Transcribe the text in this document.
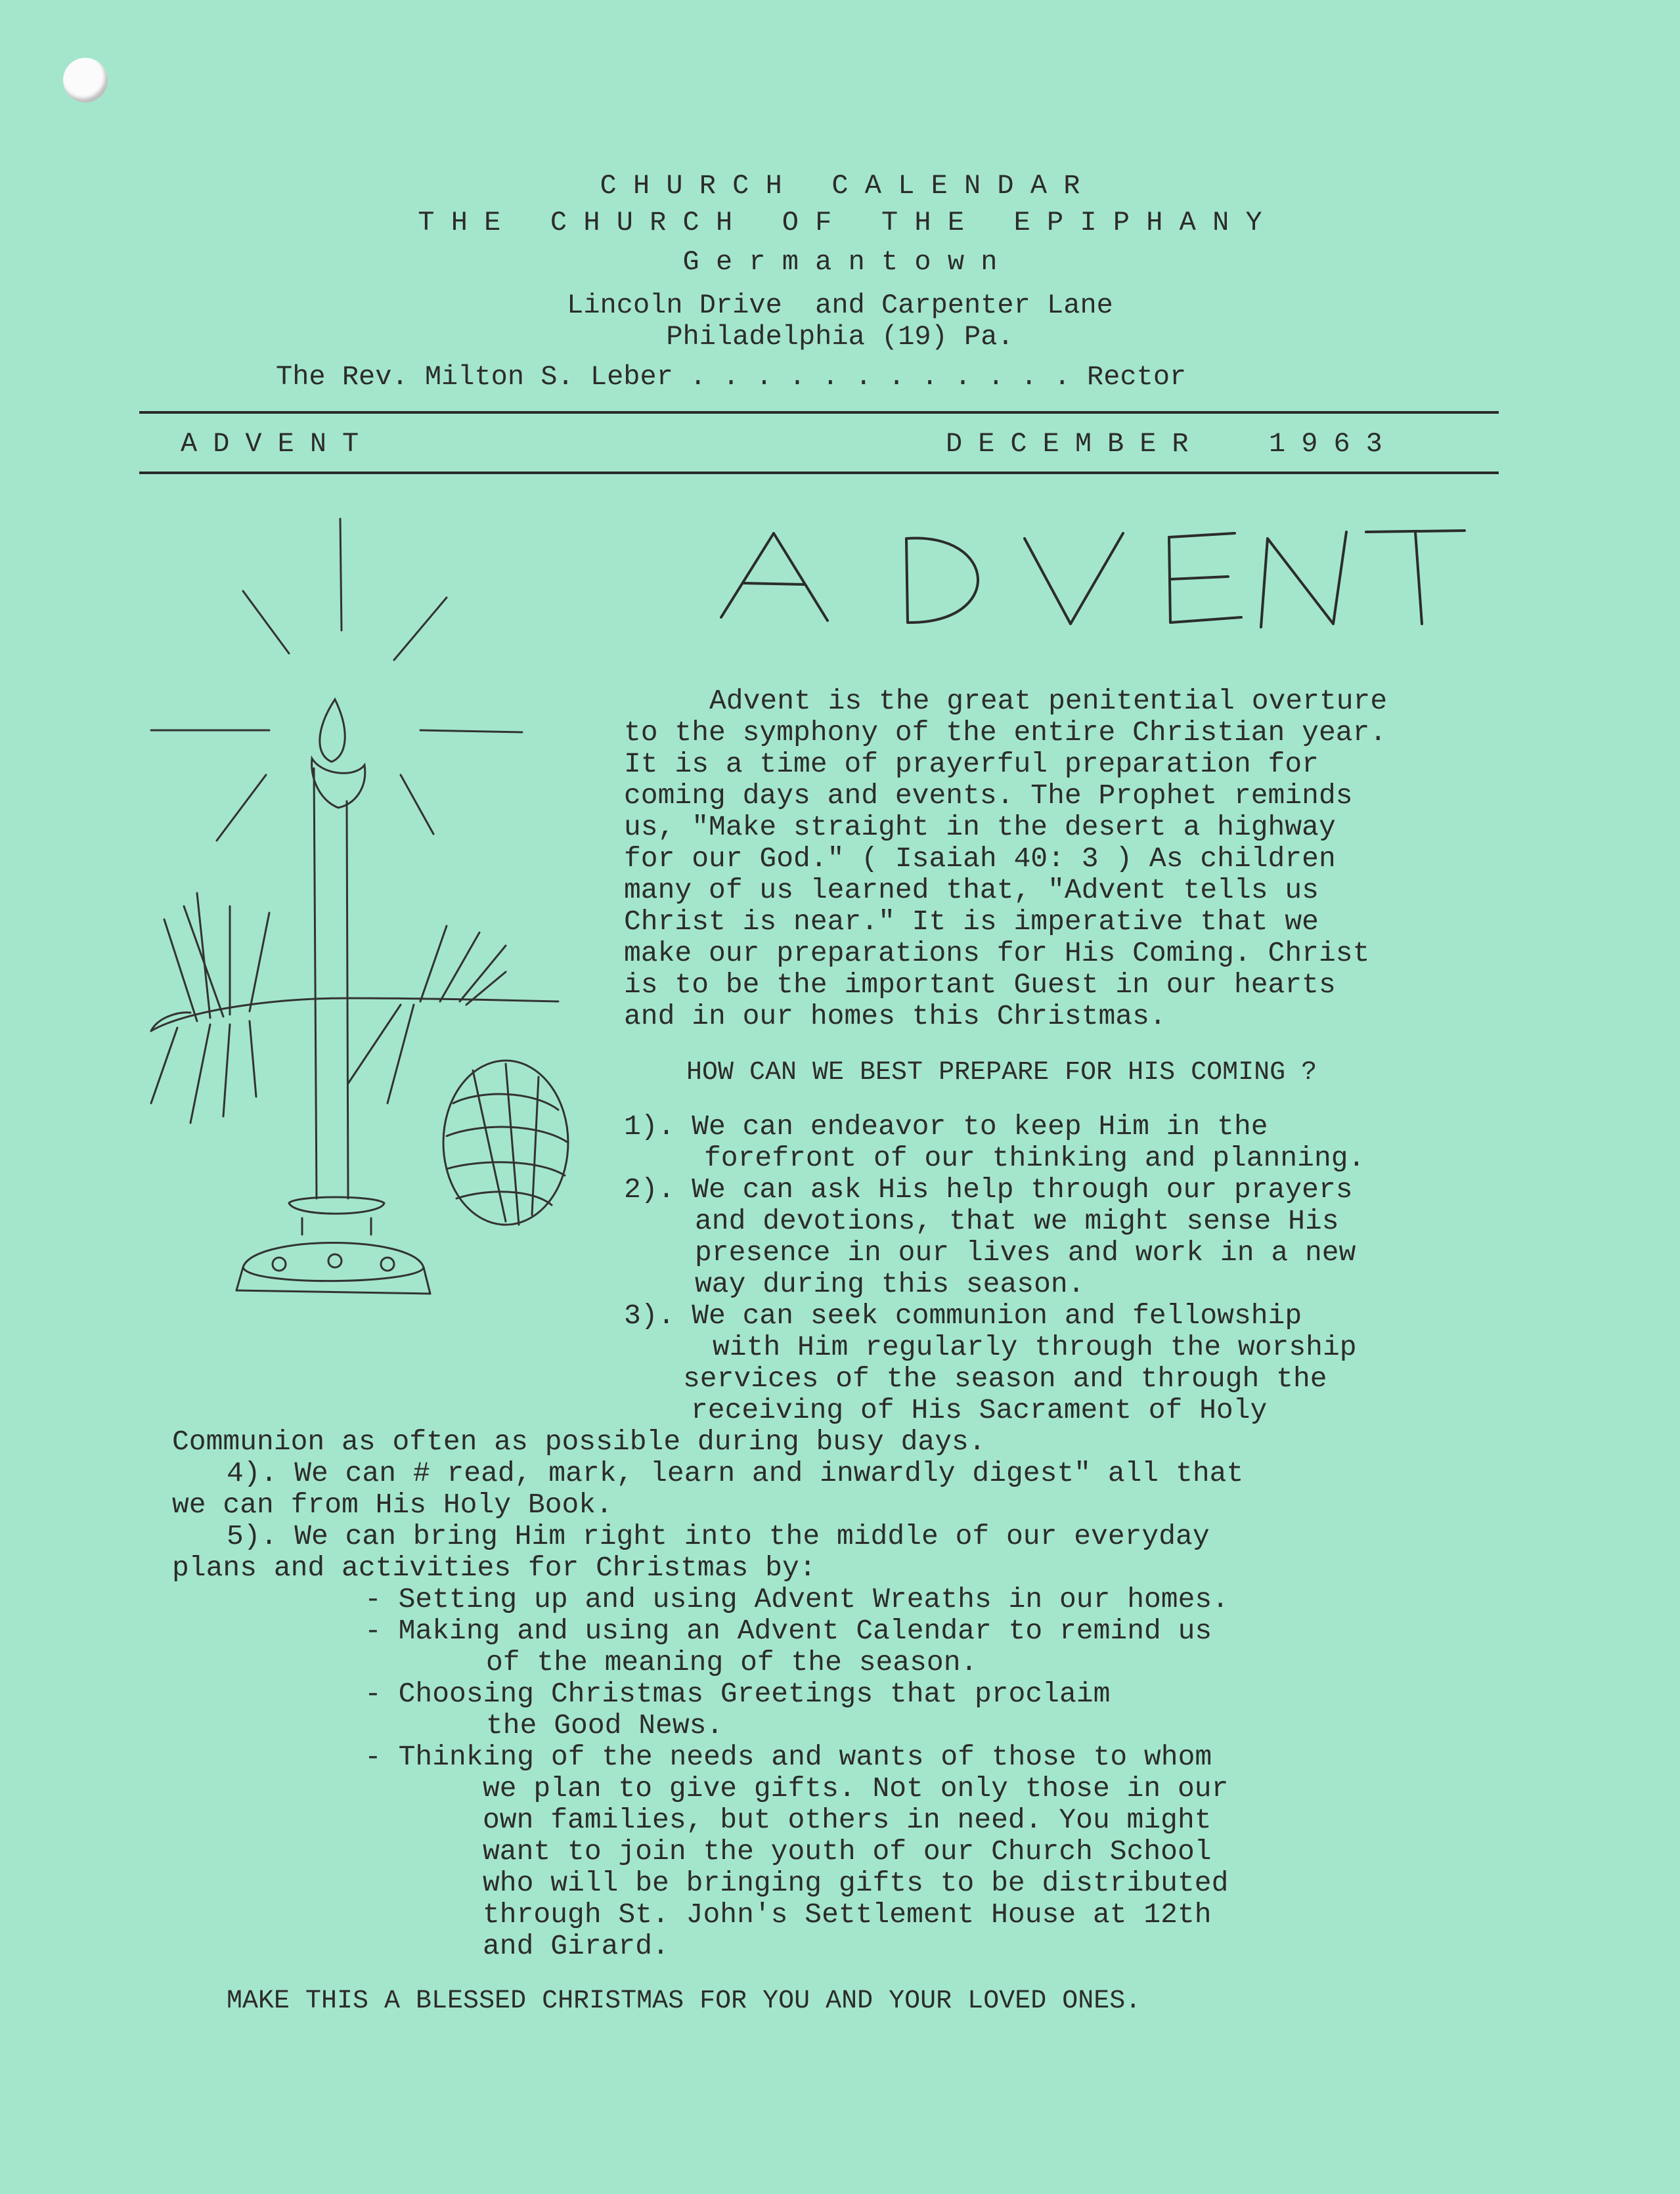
C H U R C H   C A L E N D A R
T H E   C H U R C H   O F   T H E   E P I P H A N Y
G e r m a n t o w n
Lincoln Drive  and Carpenter Lane
Philadelphia (19) Pa.
The Rev. Milton S. Leber . . . . . . . . . . . . Rector
ADVENT	DECEMBER  1963
Advent is the great penitential overture
to the symphony of the entire Christian year.
It is a time of prayerful preparation for
coming days and events. The Prophet reminds
us, "Make straight in the desert a highway
for our God." ( Isaiah 40: 3 ) As children
many of us learned that, "Advent tells us
Christ is near." It is imperative that we
make our preparations for His Coming. Christ
is to be the important Guest in our hearts
and in our homes this Christmas.
HOW CAN WE BEST PREPARE FOR HIS COMING ?
1). We can endeavor to keep Him in the
forefront of our thinking and planning.
2). We can ask His help through our prayers
and devotions, that we might sense His
presence in our lives and work in a new
way during this season.
3). We can seek communion and fellowship
with Him regularly through the worship
services of the season and through the
receiving of His Sacrament of Holy
Communion as often as possible during busy days.
4). We can # read, mark, learn and inwardly digest" all that
we can from His Holy Book.
5). We can bring Him right into the middle of our everyday
plans and activities for Christmas by:
- Setting up and using Advent Wreaths in our homes.
- Making and using an Advent Calendar to remind us
of the meaning of the season.
- Choosing Christmas Greetings that proclaim
the Good News.
- Thinking of the needs and wants of those to whom
we plan to give gifts. Not only those in our
own families, but others in need. You might
want to join the youth of our Church School
who will be bringing gifts to be distributed
through St. John's Settlement House at 12th
and Girard.
MAKE THIS A BLESSED CHRISTMAS FOR YOU AND YOUR LOVED ONES.
